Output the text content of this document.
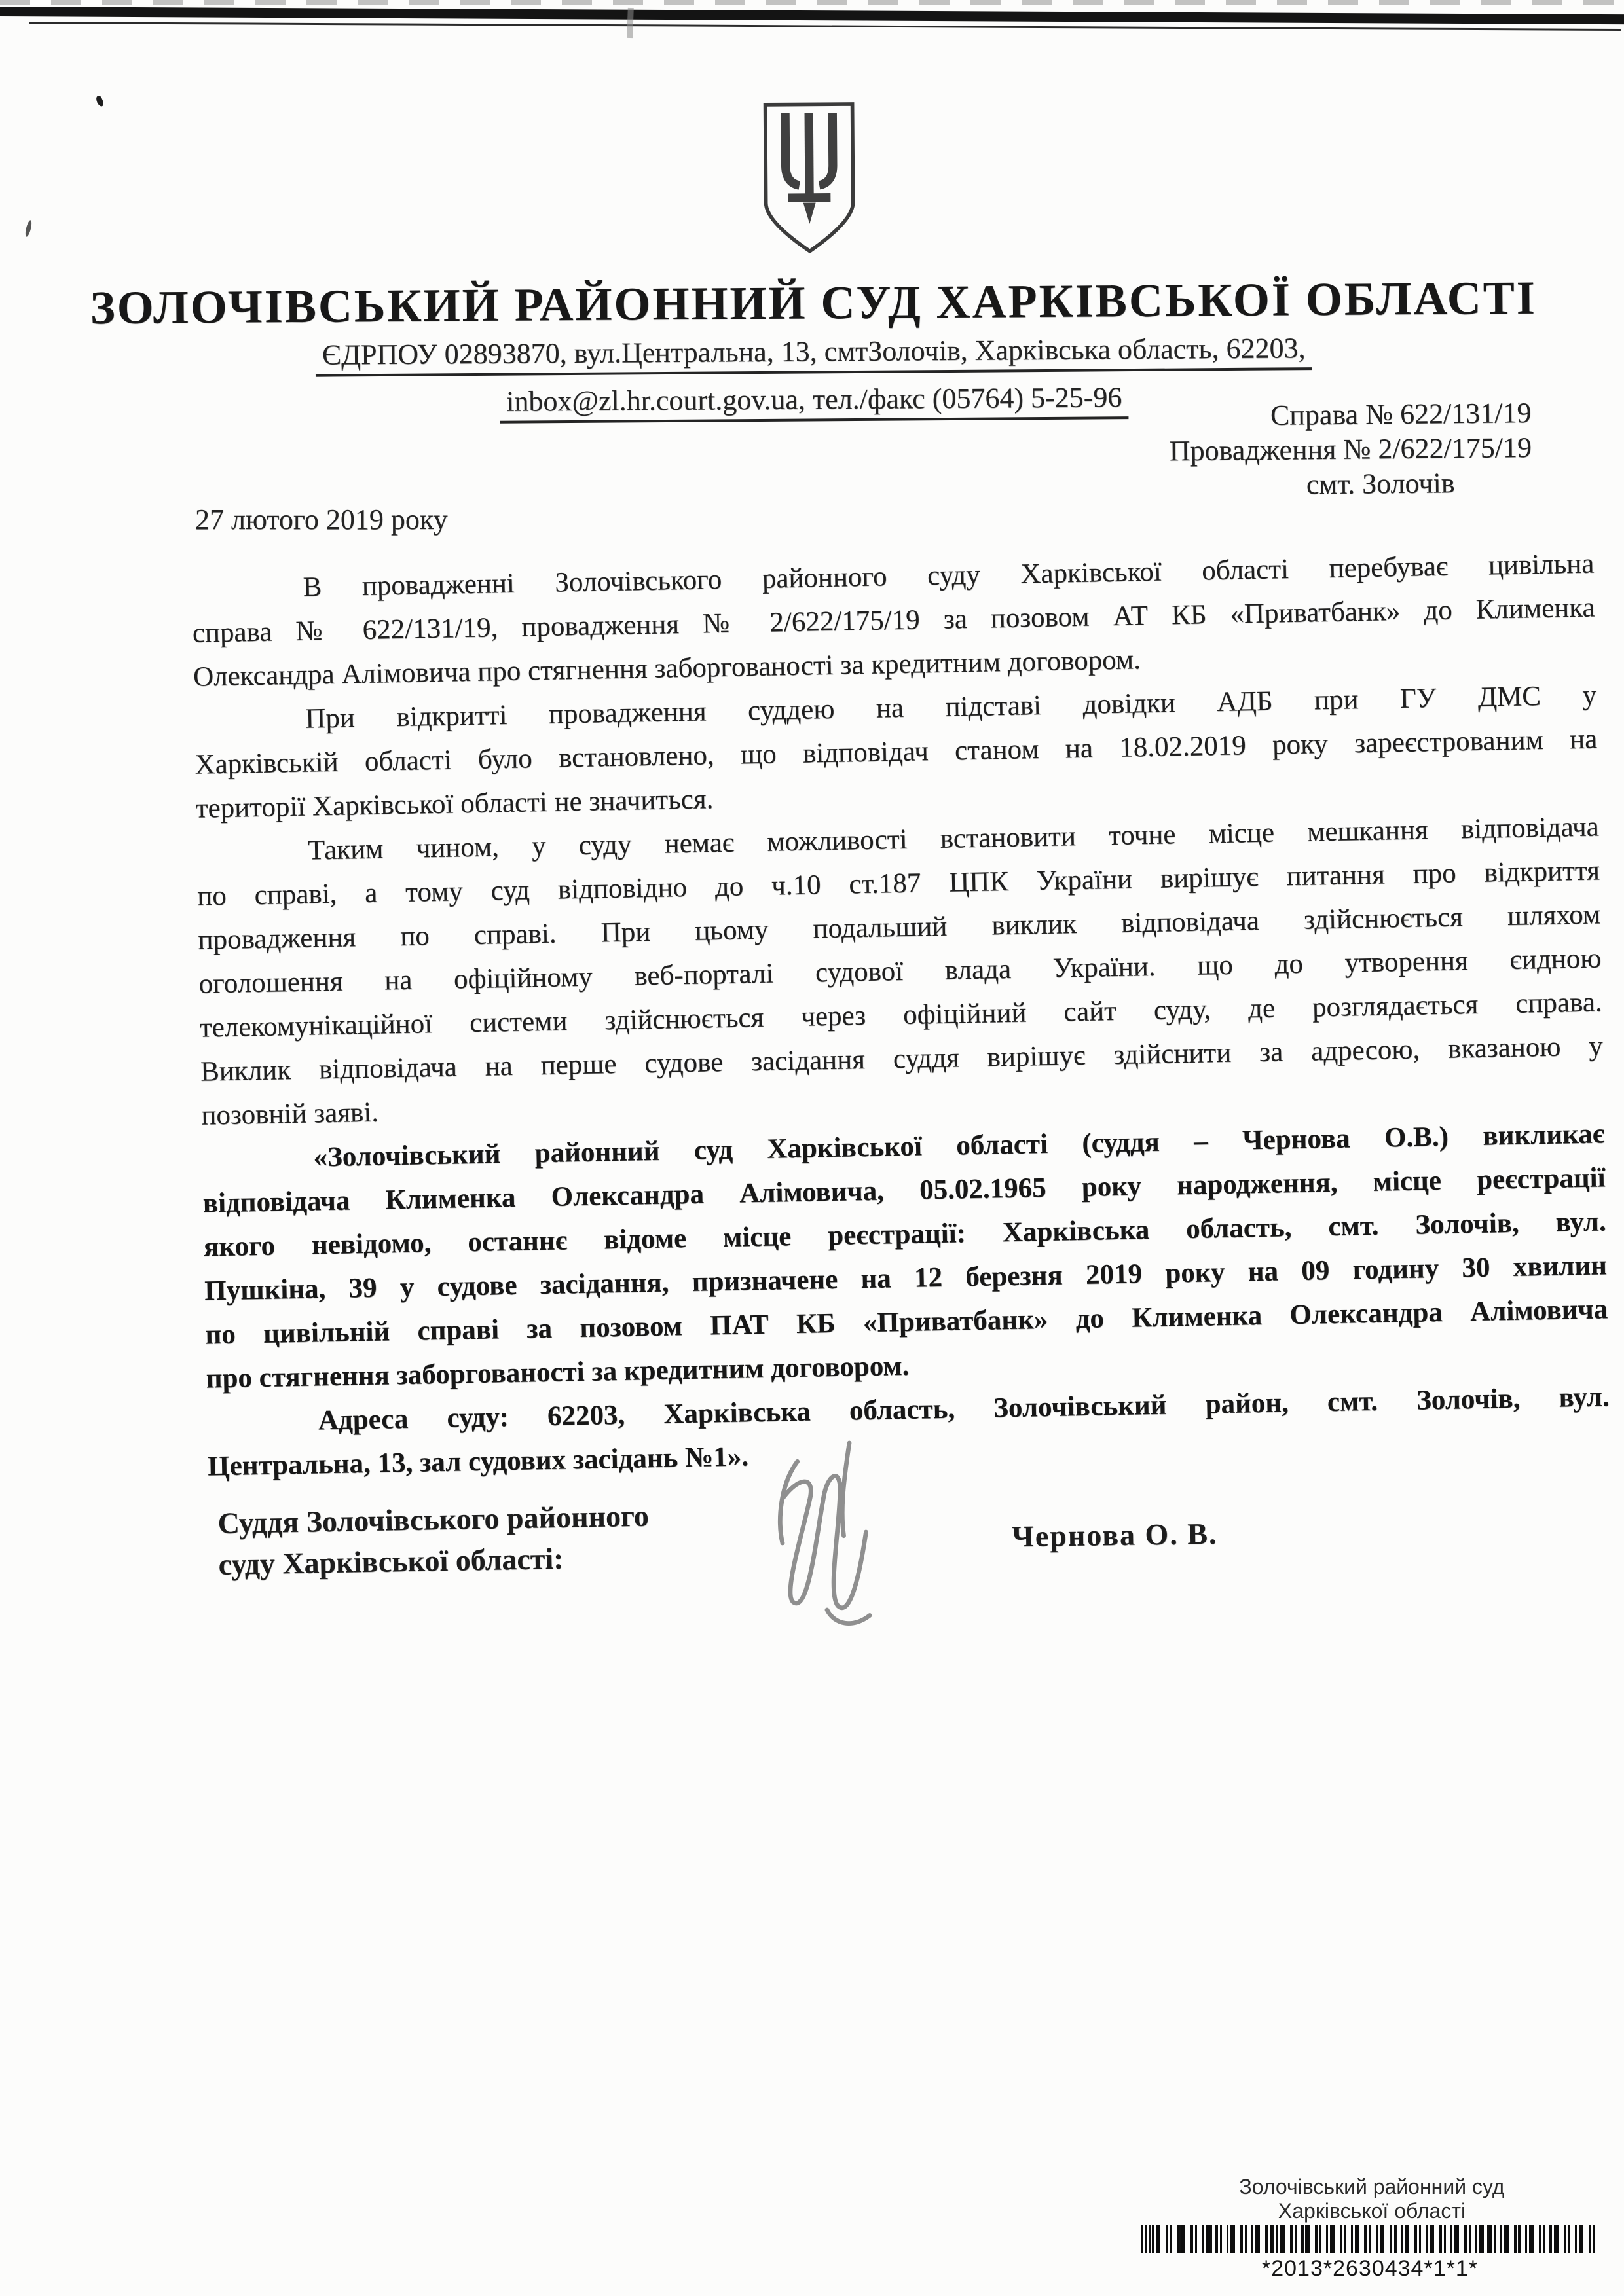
ЗОЛОЧІВСЬКИЙ РАЙОННИЙ СУД ХАРКІВСЬКОЇ ОБЛАСТІ
ЄДРПОУ 02893870, вул.Центральна, 13, смтЗолочів, Харківська область, 62203,
inbox@zl.hr.court.gov.ua, тел./факс (05764) 5-25-96	Справа № 622/131/19
Провадження № 2/622/175/19
смт. Золочів
27 лютого 2019 року
В провадженні Золочівського районного суду Харківської області перебуває цивільна
справа № 622/131/19, провадження № 2/622/175/19 за позовом АТ КБ «Приватбанк» до Клименка
Олександра Алімовича про стягнення заборгованості за кредитним договором.
При відкритті провадження суддею на підставі довідки АДБ при ГУ ДМС у
Харківській області було встановлено, що відповідач станом на 18.02.2019 року зареєстрованим на
території Харківської області не значиться.
Таким чином, у суду немає можливості встановити точне місце мешкання відповідача
по справі, а тому суд відповідно до ч.10 ст.187 ЦПК України вирішує питання про відкриття
провадження по справі. При цьому подальший виклик відповідача здійснюється шляхом
оголошення на офіційному веб-порталі судової влада України. що до утворення єидною
телекомунікаційної системи здійснюється через офіційний сайт суду, де розглядається справа.
Виклик відповідача на перше судове засідання суддя вирішує здійснити за адресою, вказаною у
позовній заяві.
«Золочівський районний суд Харківської області (суддя – Чернова О.В.) викликає
відповідача Клименка Олександра Алімовича, 05.02.1965 року народження, місце реєстрації
якого невідомо, останнє відоме місце реєстрації: Харківська область, смт. Золочів, вул.
Пушкіна, 39 у судове засідання, призначене на 12 березня 2019 року на 09 годину 30 хвилин
по цивільній справі за позовом ПАТ КБ «Приватбанк» до Клименка Олександра Алімовича
про стягнення заборгованості за кредитним договором.
Адреса суду: 62203, Харківська область, Золочівський район, смт. Золочів, вул.
Центральна, 13, зал судових засідань №1».
Суддя Золочівського районного
суду Харківської області:
Чернова О. В.
Золочівський районний суд
Харківської області
*2013*2630434*1*1*
